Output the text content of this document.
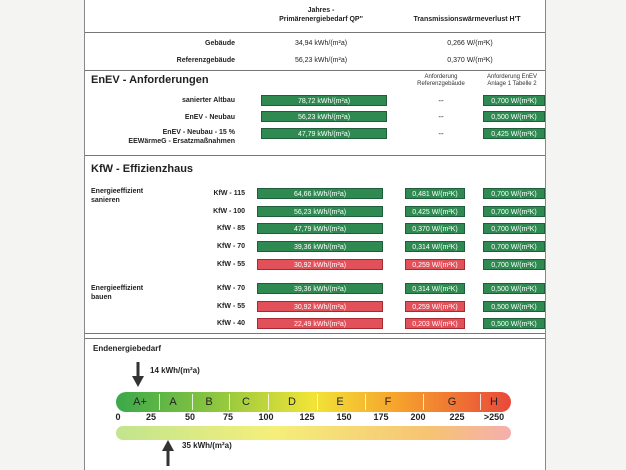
Jahres -
Primärenergiebedarf QP''	Transmissionswärmeverlust H'T
Gebäude	34,94 kWh/(m²a)	0,266 W/(m²K)
Referenzgebäude	56,23 kWh/(m²a)	0,370 W/(m²K)
EnEV - Anforderungen	Anforderung
Referenzgebäude
Anforderung EnEV
Anlage 1 Tabelle 2
sanierter Altbau	78,72 kWh/(m²a)	--	0,700 W/(m²K)
EnEV - Neubau	56,23 kWh/(m²a)	--	0,500 W/(m²K)
EnEV - Neubau - 15 %
EEWärmeG - Ersatzmaßnahmen
47,79 kWh/(m²a)	--	0,425 W/(m²K)
KfW - Effizienzhaus
Energieeffizient
sanieren
Energieeffizient
bauen
KfW - 115	64,66 kWh/(m²a)	0,481 W/(m²K)	0,700 W/(m²K)
KfW - 100	56,23 kWh/(m²a)	0,425 W/(m²K)	0,700 W/(m²K)
KfW - 85	47,79 kWh/(m²a)	0,370 W/(m²K)	0,700 W/(m²K)
KfW - 70	39,36 kWh/(m²a)	0,314 W/(m²K)	0,700 W/(m²K)
KfW - 55	30,92 kWh/(m²a)	0,259 W/(m²K)	0,700 W/(m²K)
KfW - 70	39,36 kWh/(m²a)	0,314 W/(m²K)	0,500 W/(m²K)
KfW - 55	30,92 kWh/(m²a)	0,259 W/(m²K)	0,500 W/(m²K)
KfW - 40	22,49 kWh/(m²a)	0,203 W/(m²K)	0,500 W/(m²K)
Endenergiebedarf
14 kWh/(m²a)
A+	A	B	C	D	E	F	G	H
0	25	50	75	100	125 150 175 200	225 >250
35 kWh/(m²a)
